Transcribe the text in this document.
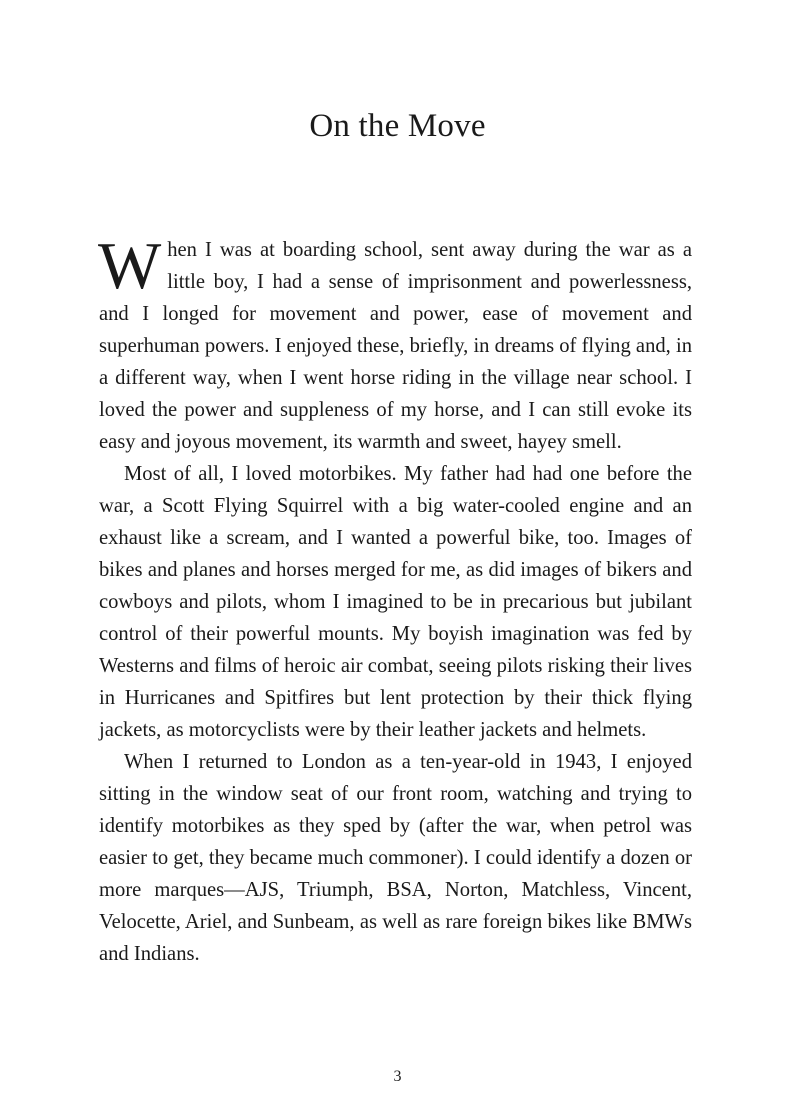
On the Move

When I was at boarding school, sent away during the war as a little boy, I had a sense of imprisonment and powerlessness, and I longed for movement and power, ease of movement and superhuman powers. I enjoyed these, briefly, in dreams of flying and, in a different way, when I went horse riding in the village near school. I loved the power and suppleness of my horse, and I can still evoke its easy and joyous movement, its warmth and sweet, hayey smell.

Most of all, I loved motorbikes. My father had had one before the war, a Scott Flying Squirrel with a big water-cooled engine and an exhaust like a scream, and I wanted a powerful bike, too. Images of bikes and planes and horses merged for me, as did images of bikers and cowboys and pilots, whom I imagined to be in precarious but jubilant control of their powerful mounts. My boyish imagination was fed by Westerns and films of heroic air combat, seeing pilots risking their lives in Hurricanes and Spitfires but lent protection by their thick flying jackets, as motorcyclists were by their leather jackets and helmets.

When I returned to London as a ten-year-old in 1943, I enjoyed sitting in the window seat of our front room, watching and trying to identify motorbikes as they sped by (after the war, when petrol was easier to get, they became much commoner). I could identify a dozen or more marques—AJS, Triumph, BSA, Norton, Matchless, Vincent, Velocette, Ariel, and Sunbeam, as well as rare foreign bikes like BMWs and Indians.

3
